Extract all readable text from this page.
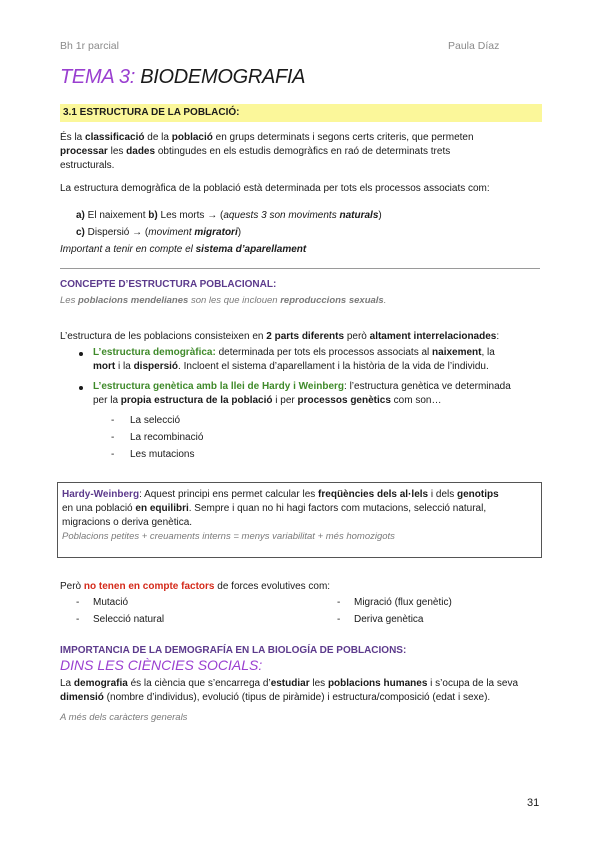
Bh 1r parcial	Paula Díaz
TEMA 3: BIODEMOGRAFIA
3.1 ESTRUCTURA DE LA POBLACIÓ:
És la classificació de la població en grups determinats i segons certs criteris, que permeten
processar les dades obtingudes en els estudis demogràfics en raó de determinats trets
estructurals.
La estructura demogràfica de la població està determinada per tots els processos associats com:
a) El naixement b) Les morts → (aquests 3 son moviments naturals)
c) Dispersió → (moviment migratori)
Important a tenir en compte el sistema d’aparellament
CONCEPTE D’ESTRUCTURA POBLACIONAL:
Les poblacions mendelianes son les que inclouen reproduccions sexuals.
L’estructura de les poblacions consisteixen en 2 parts diferents però altament interrelacionades:
L’estructura demogràfica: determinada per tots els processos associats al naixement, la
mort i la dispersió. Incloent el sistema d’aparellament i la història de la vida de l’individu.
L’estructura genètica amb la llei de Hardy i Weinberg: l’estructura genètica ve determinada
per la propia estructura de la població i per processos genètics com son…
- La selecció
- La recombinació
- Les mutacions
Hardy-Weinberg: Aquest principi ens permet calcular les freqüències dels al·lels i dels genotips
en una població en equilibri. Sempre i quan no hi hagi factors com mutacions, selecció natural,
migracions o deriva genètica.
Poblacions petites + creuaments interns = menys variabilitat + més homozigots
Però no tenen en compte factors de forces evolutives com:
- Mutació
- Selecció natural
- Migració (flux genètic)
- Deriva genètica
IMPORTANCIA DE LA DEMOGRAFÍA EN LA BIOLOGÍA DE POBLACIONS:
DINS LES CIÈNCIES SOCIALS:
La demografia és la ciència que s’encarrega d’estudiar les poblacions humanes i s’ocupa de la seva
dimensió (nombre d’individus), evolució (tipus de piràmide) i estructura/composició (edat i sexe).
A més dels caràcters generals
31
